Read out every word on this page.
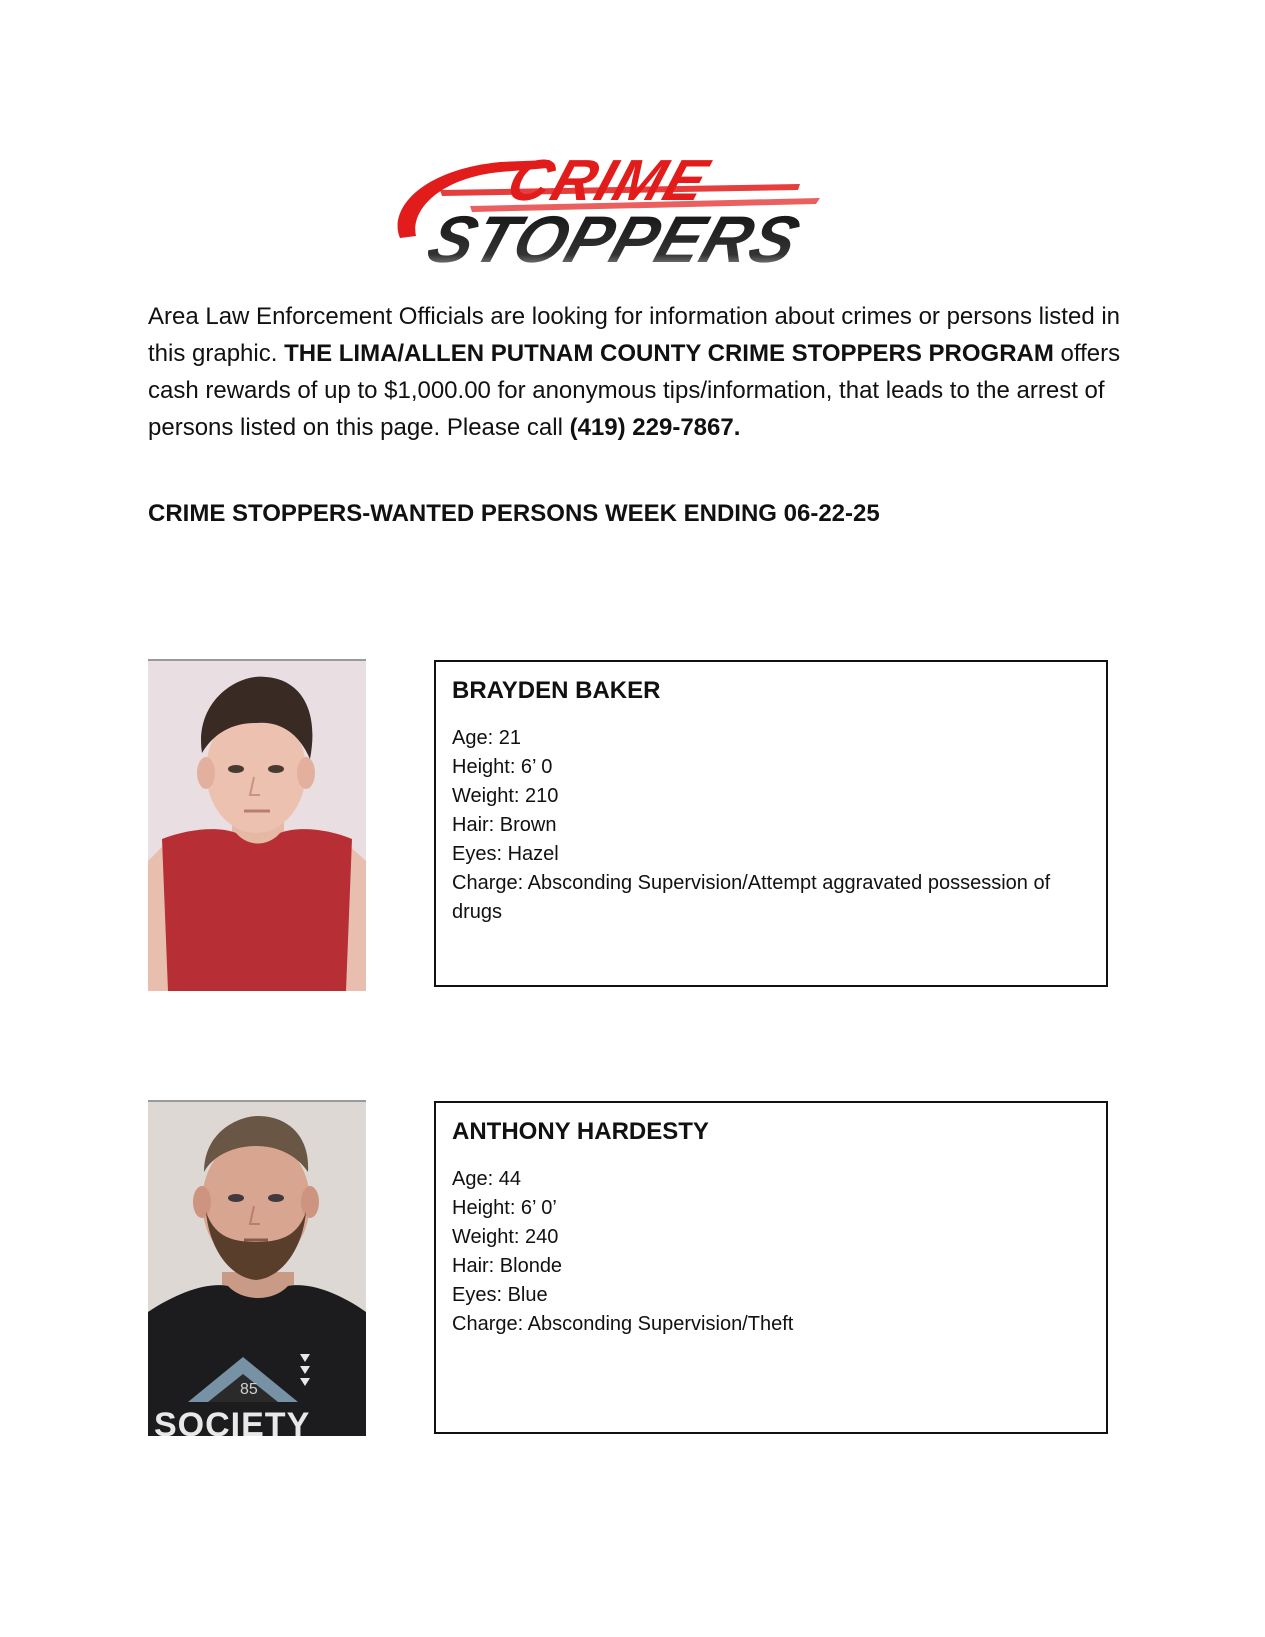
CRIME
STOPPERS

Area Law Enforcement Officials are looking for information about crimes or persons listed in this graphic. THE LIMA/ALLEN PUTNAM COUNTY CRIME STOPPERS PROGRAM offers cash rewards of up to $1,000.00 for anonymous tips/information, that leads to the arrest of persons listed on this page. Please call (419) 229-7867.

CRIME STOPPERS-WANTED PERSONS WEEK ENDING 06-22-25

BRAYDEN BAKER

Age: 21

Height: 6’ 0

Weight: 210

Hair: Brown

Eyes: Hazel

Charge: Absconding Supervision/Attempt aggravated possession of drugs

85
SOCIETY

ANTHONY HARDESTY

Age: 44

Height: 6’ 0’

Weight: 240

Hair: Blonde

Eyes: Blue

Charge: Absconding Supervision/Theft
